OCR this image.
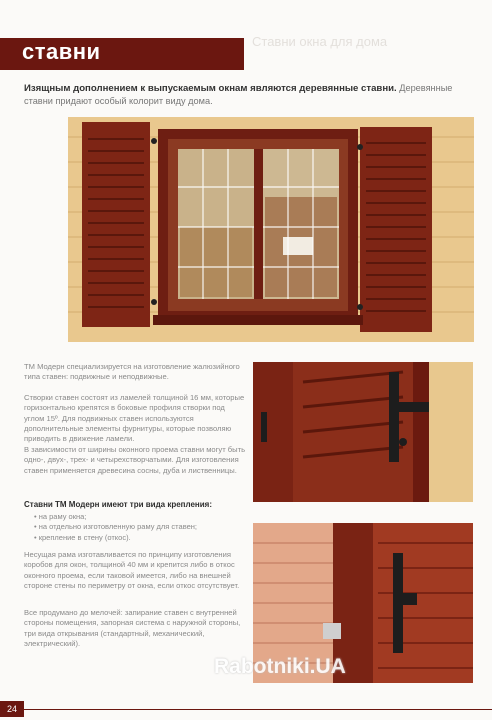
ставни	Ставни окна для дома
Изящным дополнением к выпускаемым окнам являются деревянные ставни. Деревянные ставни придают особый колорит виду дома.
ТМ Модерн специализируется на изготовление жалюзийного типа ставен: подвижные и неподвижные.
Створки ставен состоят из ламелей толщиной 16 мм, которые горизонтально крепятся в боковые профиля створки под углом 15º. Для подвижных ставен используются дополнительные элементы фурнитуры, которые позволяю приводить в движение ламели.
В зависимости от ширины оконного проема ставни могут быть одно-, двух-, трех- и четырехстворчатыми. Для изготовления ставен применяется древесина сосны, дуба и лиственницы.
Ставни ТМ Модерн имеют три вида крепления:
• на раму окна;
• на отдельно изготовленную раму для ставен;
• крепление в стену (откос).
Несущая рама изготавливается по принципу изготовления коробов для окон, толщиной 40 мм и крепится либо в откос оконного проема, если таковой имеется, либо на внешней стороне стены по периметру от окна, если откос отсутствует.
Все продумано до мелочей: запирание ставен с внутренней стороны помещения, запорная система с наружной стороны, три вида открывания (стандартный, механический, электрический).
Rabotniki.UA
24
